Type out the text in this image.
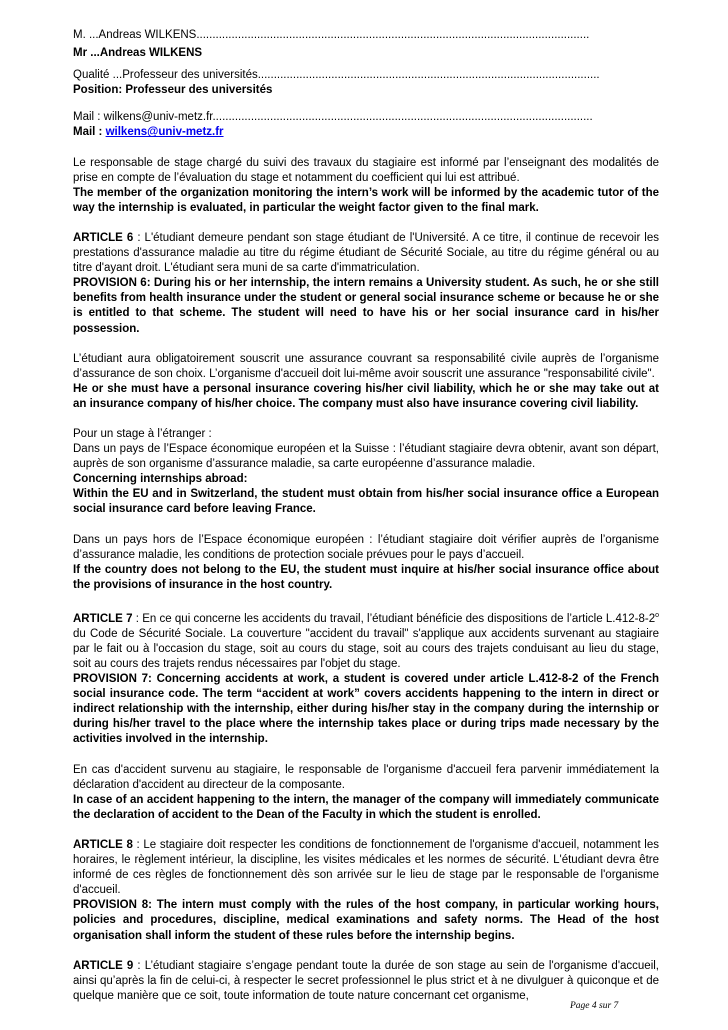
M. ...Andreas WILKENS...........................................................................................................................
Mr ...Andreas WILKENS
Qualité ...Professeur des universités...........................................................................................................
Position: Professeur des universités
Mail : wilkens@univ-metz.fr.......................................................................................................................
Mail : wilkens@univ-metz.fr
Le responsable de stage chargé du suivi des travaux du stagiaire est informé par l’enseignant des modalités de prise en compte de l’évaluation du stage et notamment du coefficient qui lui est attribué.
The member of the organization monitoring the intern’s work will be informed by the academic tutor of the way the internship is evaluated, in particular the weight factor given to the final mark.
ARTICLE 6 : L'étudiant demeure pendant son stage étudiant de l'Université. A ce titre, il continue de recevoir les prestations d'assurance maladie au titre du régime étudiant de Sécurité Sociale, au titre du régime général ou au titre d'ayant droit. L'étudiant sera muni de sa carte d'immatriculation.
PROVISION 6: During his or her internship, the intern remains a University student. As such, he or she still benefits from health insurance under the student or general social insurance scheme or because he or she is entitled to that scheme. The student will need to have his or her social insurance card in his/her possession.
L’étudiant aura obligatoirement souscrit une assurance couvrant sa responsabilité civile auprès de l’organisme d’assurance de son choix. L’organisme d'accueil doit lui-même avoir souscrit une assurance "responsabilité civile".
He or she must have a personal insurance covering his/her civil liability, which he or she may take out at an insurance company of his/her choice. The company must also have insurance covering civil liability.
Pour un stage à l’étranger :
Dans un pays de l’Espace économique européen et la Suisse : l’étudiant stagiaire devra obtenir, avant son départ, auprès de son organisme d’assurance maladie, sa carte européenne d’assurance maladie.
Concerning internships abroad:
Within the EU and in Switzerland, the student must obtain from his/her social insurance office a European social insurance card before leaving France.
Dans un pays hors de l’Espace économique européen : l’étudiant stagiaire doit vérifier auprès de l’organisme d’assurance maladie, les conditions de protection sociale prévues pour le pays d’accueil.
If the country does not belong to the EU, the student must inquire at his/her social insurance office about the provisions of insurance in the host country.
ARTICLE 7 : En ce qui concerne les accidents du travail, l’étudiant bénéficie des dispositions de l’article L.412-8-2$^o$ du Code de Sécurité Sociale. La couverture "accident du travail" s'applique aux accidents survenant au stagiaire par le fait ou à l'occasion du stage, soit au cours du stage, soit au cours des trajets conduisant au lieu du stage, soit au cours des trajets rendus nécessaires par l'objet du stage.
PROVISION 7: Concerning accidents at work, a student is covered under article L.412-8-2 of the French social insurance code. The term “accident at work” covers accidents happening to the intern in direct or indirect relationship with the internship, either during his/her stay in the company during the internship or during his/her travel to the place where the internship takes place or during trips made necessary by the activities involved in the internship.
En cas d'accident survenu au stagiaire, le responsable de l'organisme d'accueil fera parvenir immédiatement la déclaration d'accident au directeur de la composante.
In case of an accident happening to the intern, the manager of the company will immediately communicate the declaration of accident to the Dean of the Faculty in which the student is enrolled.
ARTICLE 8 : Le stagiaire doit respecter les conditions de fonctionnement de l'organisme d'accueil, notamment les horaires, le règlement intérieur, la discipline, les visites médicales et les normes de sécurité. L'étudiant devra être informé de ces règles de fonctionnement dès son arrivée sur le lieu de stage par le responsable de l'organisme d'accueil.
PROVISION 8: The intern must comply with the rules of the host company, in particular working hours, policies and procedures, discipline, medical examinations and safety norms. The Head of the host organisation shall inform the student of these rules before the internship begins.
ARTICLE 9 : L’étudiant stagiaire s’engage pendant toute la durée de son stage au sein de l'organisme d'accueil, ainsi qu’après la fin de celui-ci, à respecter le secret professionnel le plus strict et à ne divulguer à quiconque et de quelque manière que ce soit, toute information de toute nature concernant cet organisme,
Page 4 sur 7
